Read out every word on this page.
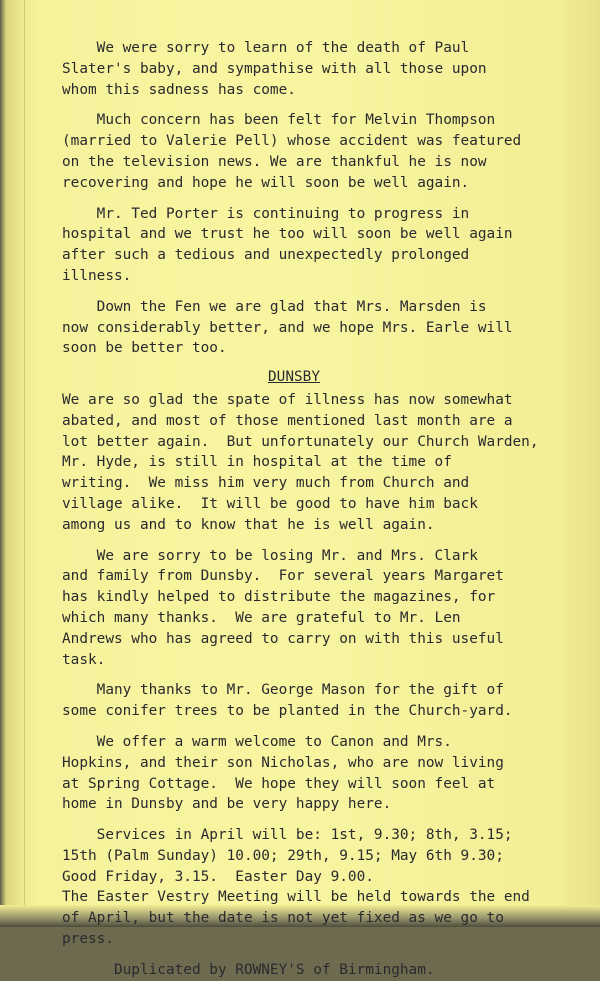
We were sorry to learn of the death of Paul
Slater's baby, and sympathise with all those upon
whom this sadness has come.
Much concern has been felt for Melvin Thompson
(married to Valerie Pell) whose accident was featured
on the television news. We are thankful he is now
recovering and hope he will soon be well again.
Mr. Ted Porter is continuing to progress in
hospital and we trust he too will soon be well again
after such a tedious and unexpectedly prolonged
illness.
Down the Fen we are glad that Mrs. Marsden is
now considerably better, and we hope Mrs. Earle will
soon be better too.
DUNSBY
We are so glad the spate of illness has now somewhat
abated, and most of those mentioned last month are a
lot better again.  But unfortunately our Church Warden,
Mr. Hyde, is still in hospital at the time of
writing.  We miss him very much from Church and
village alike.  It will be good to have him back
among us and to know that he is well again.
We are sorry to be losing Mr. and Mrs. Clark
and family from Dunsby.  For several years Margaret
has kindly helped to distribute the magazines, for
which many thanks.  We are grateful to Mr. Len
Andrews who has agreed to carry on with this useful
task.
Many thanks to Mr. George Mason for the gift of
some conifer trees to be planted in the Church-yard.
We offer a warm welcome to Canon and Mrs.
Hopkins, and their son Nicholas, who are now living
at Spring Cottage.  We hope they will soon feel at
home in Dunsby and be very happy here.
Services in April will be: 1st, 9.30; 8th, 3.15;
15th (Palm Sunday) 10.00; 29th, 9.15; May 6th 9.30;
Good Friday, 3.15.  Easter Day 9.00.
The Easter Vestry Meeting will be held towards the end
of April, but the date is not yet fixed as we go to
press.
Duplicated by ROWNEY'S of Birmingham.
